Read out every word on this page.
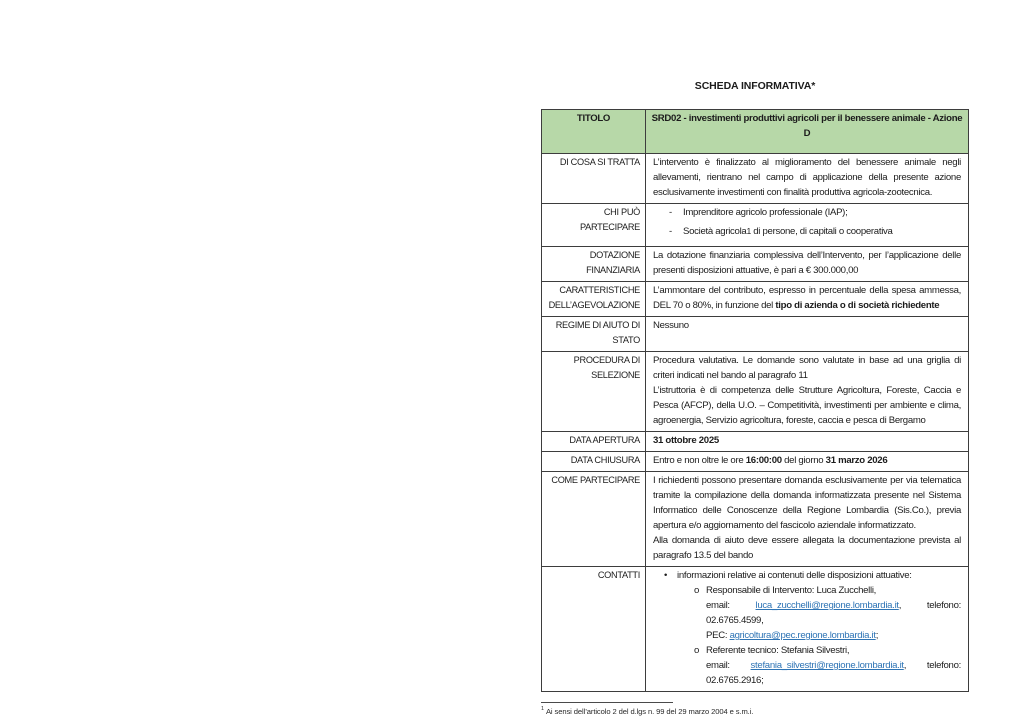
SCHEDA INFORMATIVA*
TITOLO	SRD02 - investimenti produttivi agricoli per il benessere animale - Azione D
DI COSA SI TRATTA	L’intervento è finalizzato al miglioramento del benessere animale negli allevamenti, rientrano nel campo di applicazione della presente azione esclusivamente investimenti con finalità produttiva agricola-zootecnica.

CHI PUÒ PARTECIPARE	- Imprenditore agricolo professionale (IAP);
- Società agricola1 di persone, di capitali o cooperativa

DOTAZIONE FINANZIARIA	La dotazione finanziaria complessiva dell’Intervento, per l’applicazione delle presenti disposizioni attuative, è pari a € 300.000,00

CARATTERISTICHE DELL’AGEVOLAZIONE	L’ammontare del contributo, espresso in percentuale della spesa ammessa, DEL 70 o 80%, in funzione del tipo di azienda o di società richiedente

REGIME DI AIUTO DI STATO	Nessuno

PROCEDURA DI SELEZIONE	Procedura valutativa. Le domande sono valutate in base ad una griglia di criteri indicati nel bando al paragrafo 11
L’istruttoria è di competenza delle Strutture Agricoltura, Foreste, Caccia e Pesca (AFCP), della U.O. – Competitività, investimenti per ambiente e clima, agroenergia, Servizio agricoltura, foreste, caccia e pesca di Bergamo

DATA APERTURA	31 ottobre 2025

DATA CHIUSURA	Entro e non oltre le ore 16:00:00 del giorno 31 marzo 2026

COME PARTECIPARE	I richiedenti possono presentare domanda esclusivamente per via telematica tramite la compilazione della domanda informatizzata presente nel Sistema Informatico delle Conoscenze della Regione Lombardia (Sis.Co.), previa apertura e/o aggiornamento del fascicolo aziendale informatizzato.
Alla domanda di aiuto deve essere allegata la documentazione prevista al paragrafo 13.5 del bando

CONTATTI	•	informazioni relative ai contenuti delle disposizioni attuative:
o Responsabile di Intervento: Luca Zucchelli,
email: luca_zucchelli@regione.lombardia.it, telefono: 02.6765.4599,
PEC: agricoltura@pec.regione.lombardia.it;
o Referente tecnico: Stefania Silvestri,
email: stefania_silvestri@regione.lombardia.it, telefono: 02.6765.2916;
$^1$ Ai sensi dell’articolo 2 del d.lgs n. 99 del 29 marzo 2004 e s.m.i.
